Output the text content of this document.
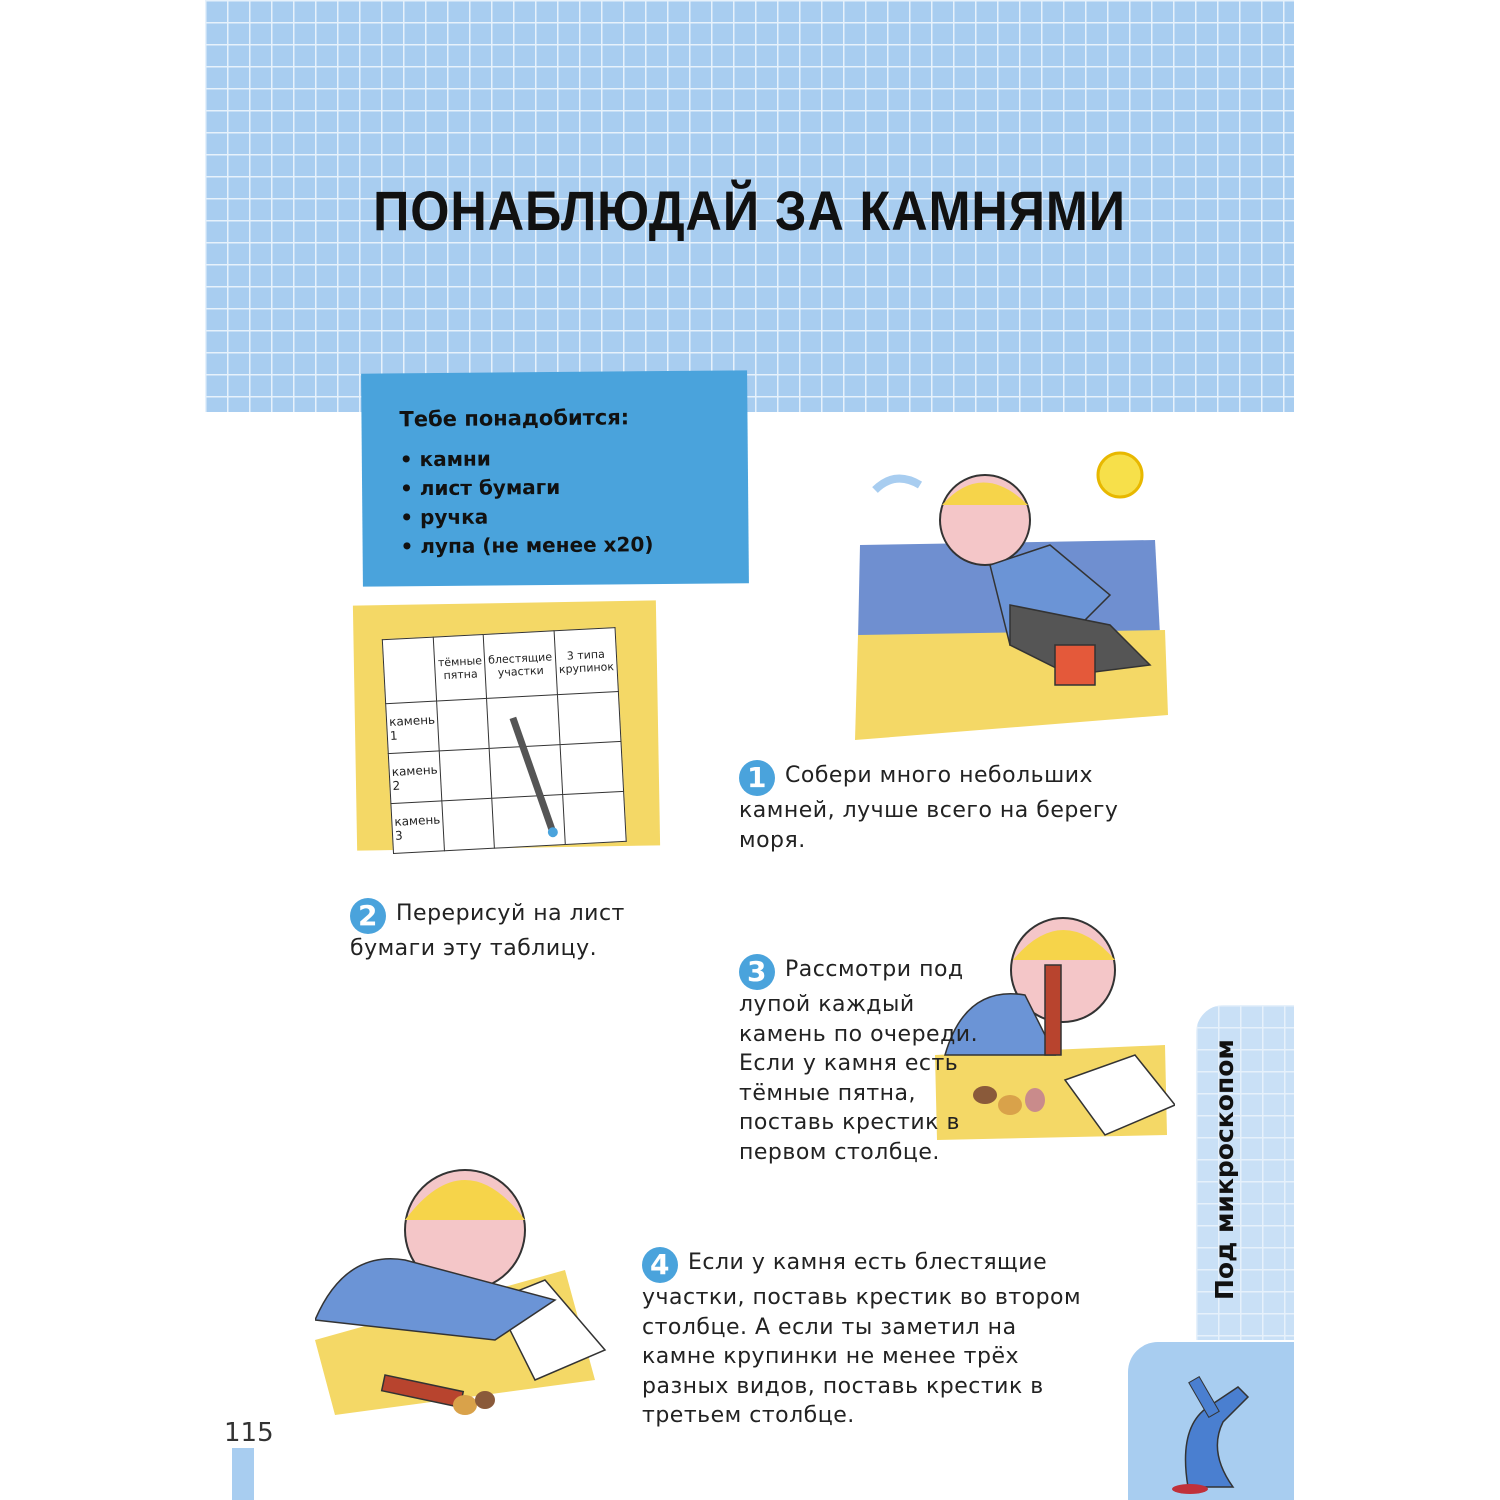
ПОНАБЛЮДАЙ ЗА КАМНЯМИ
Тебе понадобится:
• камни
• лист бумаги
• ручка
• лупа (не менее x20)
	тёмные пятна	блестящие участки	3 типа крупинок
камень 1			
камень 2			
камень 3			
1 Собери много небольших камней, лучше всего на берегу моря.
2 Перерисуй на лист бумаги эту таблицу.
3 Рассмотри под лупой каждый камень по очереди. Если у камня есть тёмные пятна, поставь крестик в первом столбце.
4 Если у камня есть блестящие участки, поставь крестик во втором столбце. А если ты заметил на камне крупинки не менее трёх разных видов, поставь крестик в третьем столбце.
Под микроскопом
115
